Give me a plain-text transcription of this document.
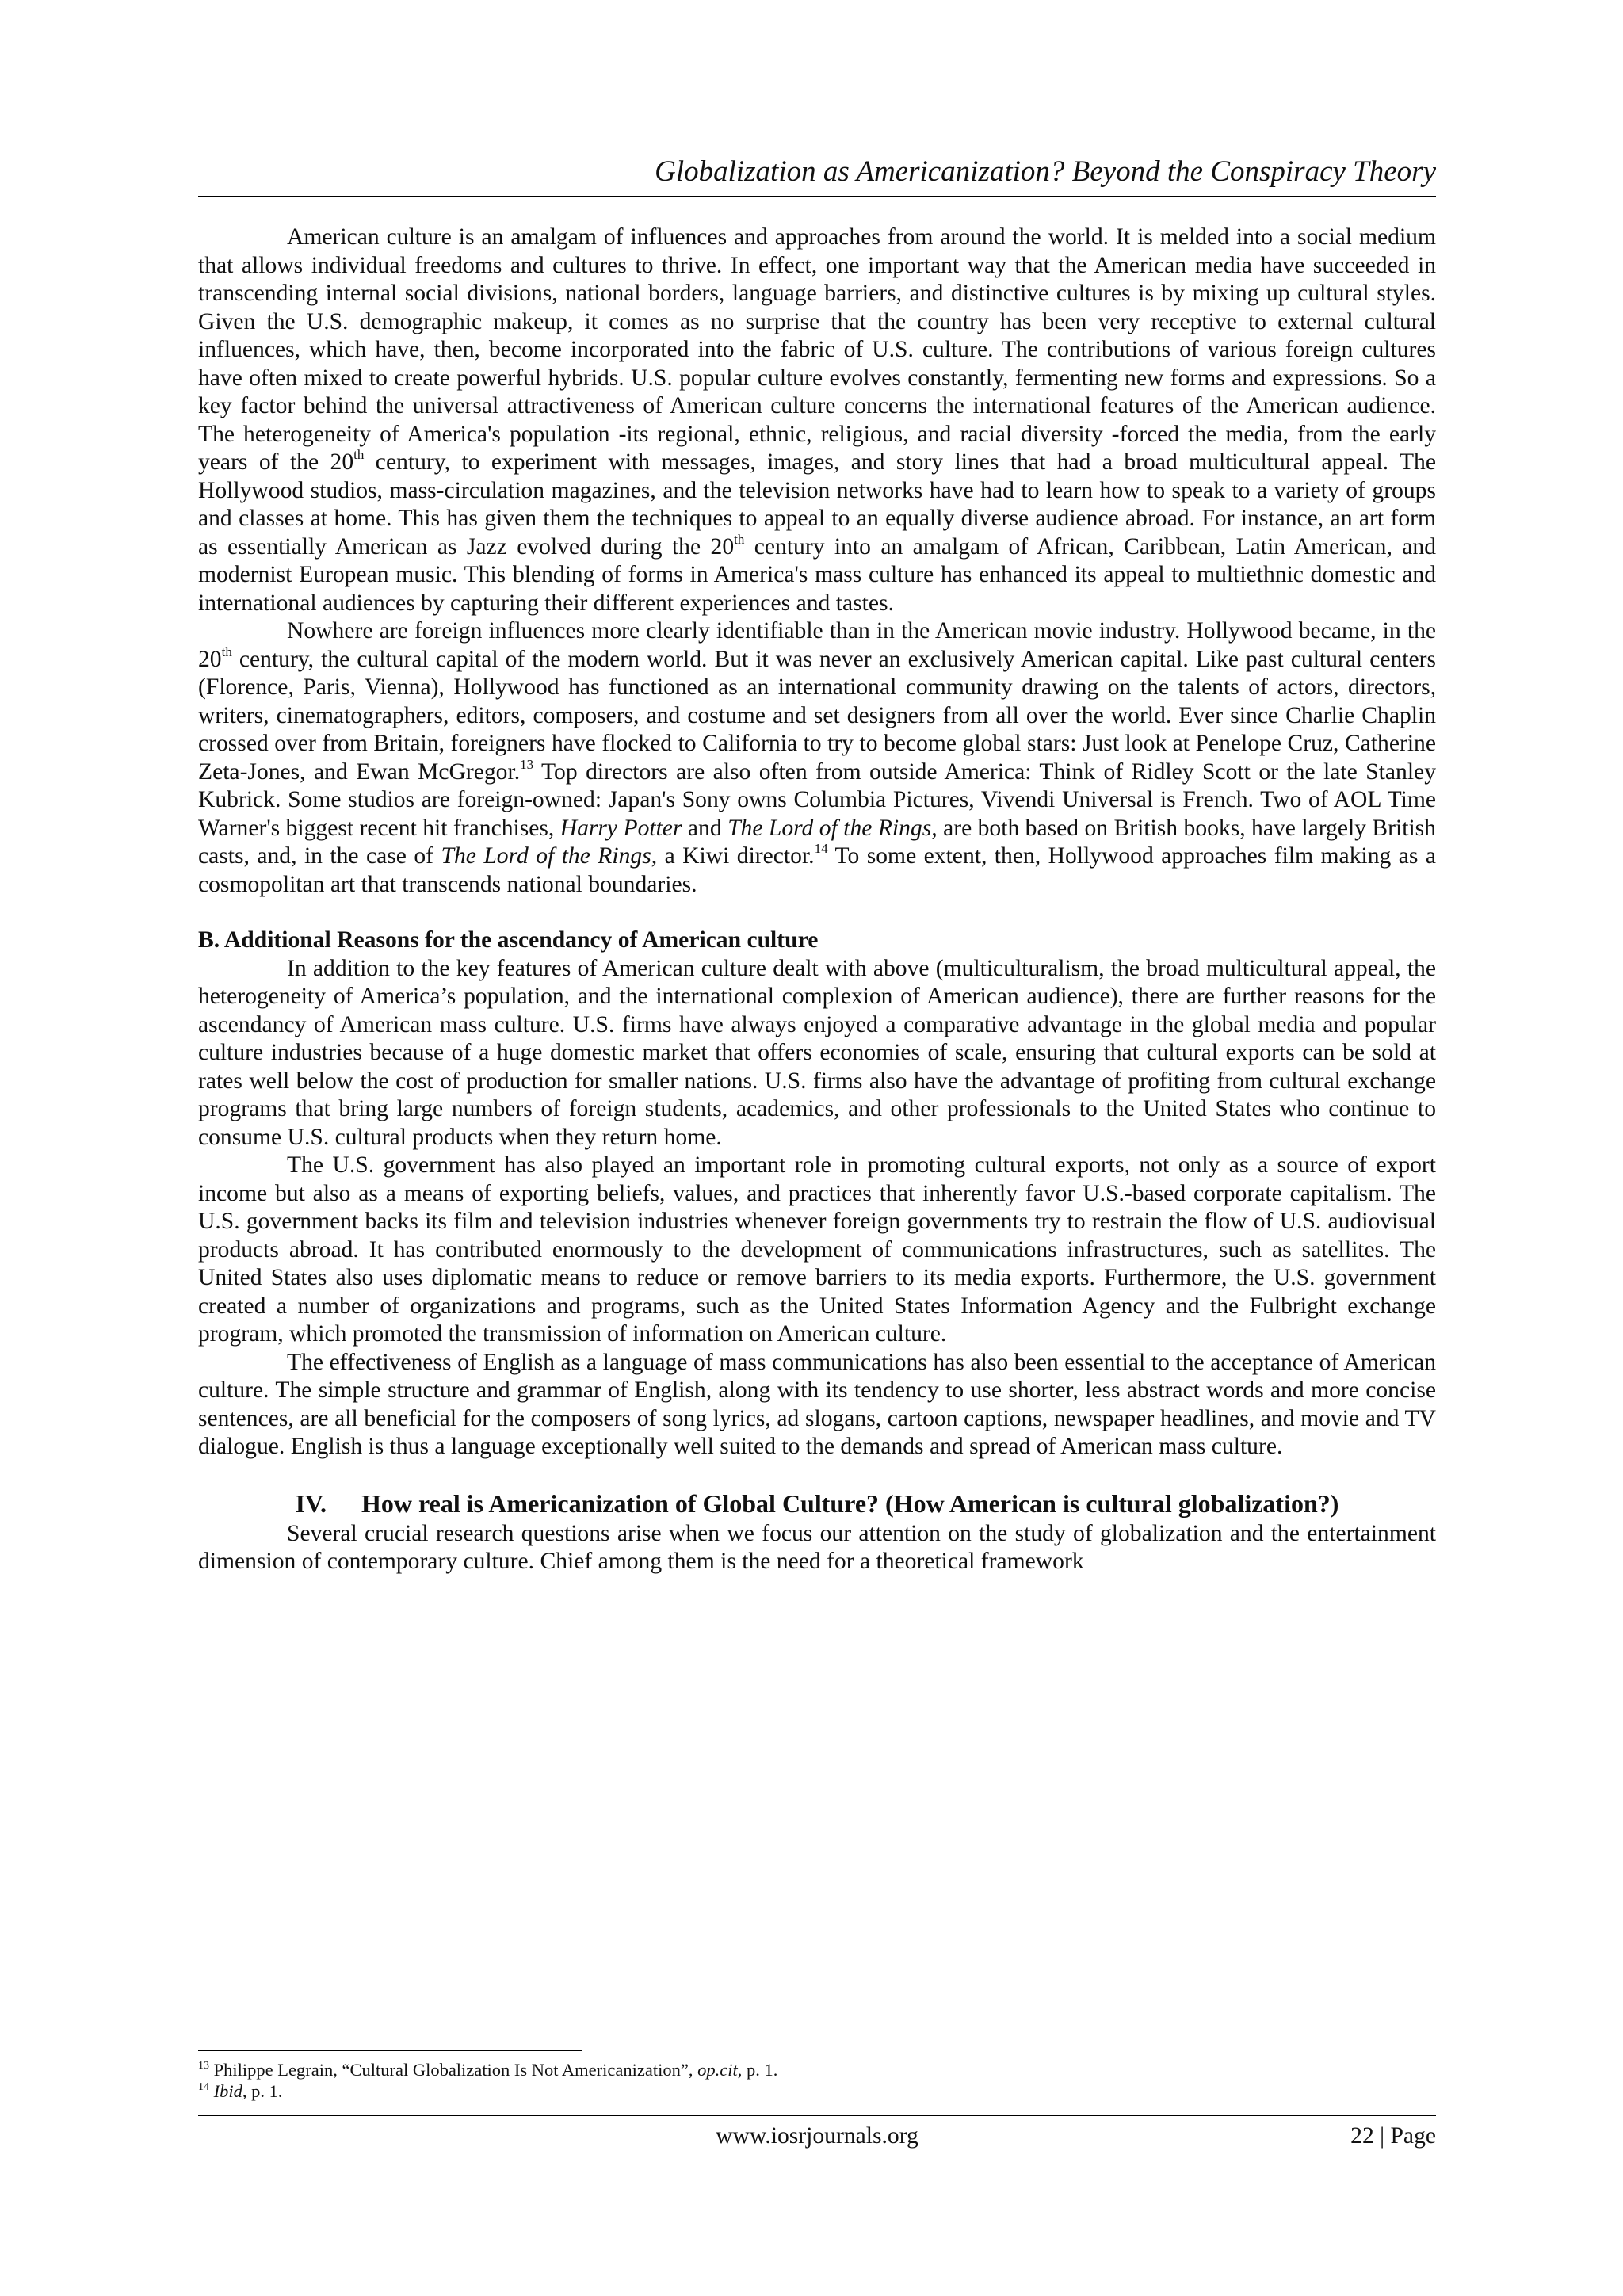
Globalization as Americanization? Beyond the Conspiracy Theory

American culture is an amalgam of influences and approaches from around the world. It is melded into a social medium that allows individual freedoms and cultures to thrive. In effect, one important way that the American media have succeeded in transcending internal social divisions, national borders, language barriers, and distinctive cultures is by mixing up cultural styles. Given the U.S. demographic makeup, it comes as no surprise that the country has been very receptive to external cultural influences, which have, then, become incorporated into the fabric of U.S. culture. The contributions of various foreign cultures have often mixed to create powerful hybrids. U.S. popular culture evolves constantly, fermenting new forms and expressions. So a key factor behind the universal attractiveness of American culture concerns the international features of the American audience. The heterogeneity of America's population -its regional, ethnic, religious, and racial diversity -forced the media, from the early years of the 20th century, to experiment with messages, images, and story lines that had a broad multicultural appeal. The Hollywood studios, mass-circulation magazines, and the television networks have had to learn how to speak to a variety of groups and classes at home. This has given them the techniques to appeal to an equally diverse audience abroad. For instance, an art form as essentially American as Jazz evolved during the 20th century into an amalgam of African, Caribbean, Latin American, and modernist European music. This blending of forms in America's mass culture has enhanced its appeal to multiethnic domestic and international audiences by capturing their different experiences and tastes.

Nowhere are foreign influences more clearly identifiable than in the American movie industry. Hollywood became, in the 20th century, the cultural capital of the modern world. But it was never an exclusively American capital. Like past cultural centers (Florence, Paris, Vienna), Hollywood has functioned as an international community drawing on the talents of actors, directors, writers, cinematographers, editors, composers, and costume and set designers from all over the world. Ever since Charlie Chaplin crossed over from Britain, foreigners have flocked to California to try to become global stars: Just look at Penelope Cruz, Catherine Zeta-Jones, and Ewan McGregor.$^{13}$ Top directors are also often from outside America: Think of Ridley Scott or the late Stanley Kubrick. Some studios are foreign-owned: Japan's Sony owns Columbia Pictures, Vivendi Universal is French. Two of AOL Time Warner's biggest recent hit franchises, Harry Potter and The Lord of the Rings, are both based on British books, have largely British casts, and, in the case of The Lord of the Rings, a Kiwi director.$^{14}$ To some extent, then, Hollywood approaches film making as a cosmopolitan art that transcends national boundaries.

B. Additional Reasons for the ascendancy of American culture

In addition to the key features of American culture dealt with above (multiculturalism, the broad multicultural appeal, the heterogeneity of America’s population, and the international complexion of American audience), there are further reasons for the ascendancy of American mass culture. U.S. firms have always enjoyed a comparative advantage in the global media and popular culture industries because of a huge domestic market that offers economies of scale, ensuring that cultural exports can be sold at rates well below the cost of production for smaller nations. U.S. firms also have the advantage of profiting from cultural exchange programs that bring large numbers of foreign students, academics, and other professionals to the United States who continue to consume U.S. cultural products when they return home.

The U.S. government has also played an important role in promoting cultural exports, not only as a source of export income but also as a means of exporting beliefs, values, and practices that inherently favor U.S.-based corporate capitalism. The U.S. government backs its film and television industries whenever foreign governments try to restrain the flow of U.S. audiovisual products abroad. It has contributed enormously to the development of communications infrastructures, such as satellites. The United States also uses diplomatic means to reduce or remove barriers to its media exports. Furthermore, the U.S. government created a number of organizations and programs, such as the United States Information Agency and the Fulbright exchange program, which promoted the transmission of information on American culture.

The effectiveness of English as a language of mass communications has also been essential to the acceptance of American culture. The simple structure and grammar of English, along with its tendency to use shorter, less abstract words and more concise sentences, are all beneficial for the composers of song lyrics, ad slogans, cartoon captions, newspaper headlines, and movie and TV dialogue. English is thus a language exceptionally well suited to the demands and spread of American mass culture.

IV. How real is Americanization of Global Culture? (How American is cultural globalization?)

Several crucial research questions arise when we focus our attention on the study of globalization and the entertainment dimension of contemporary culture. Chief among them is the need for a theoretical framework

$^{13}$ Philippe Legrain, “Cultural Globalization Is Not Americanization”, op.cit, p. 1.
$^{14}$ Ibid, p. 1.
www.iosrjournals.org	22 | Page
